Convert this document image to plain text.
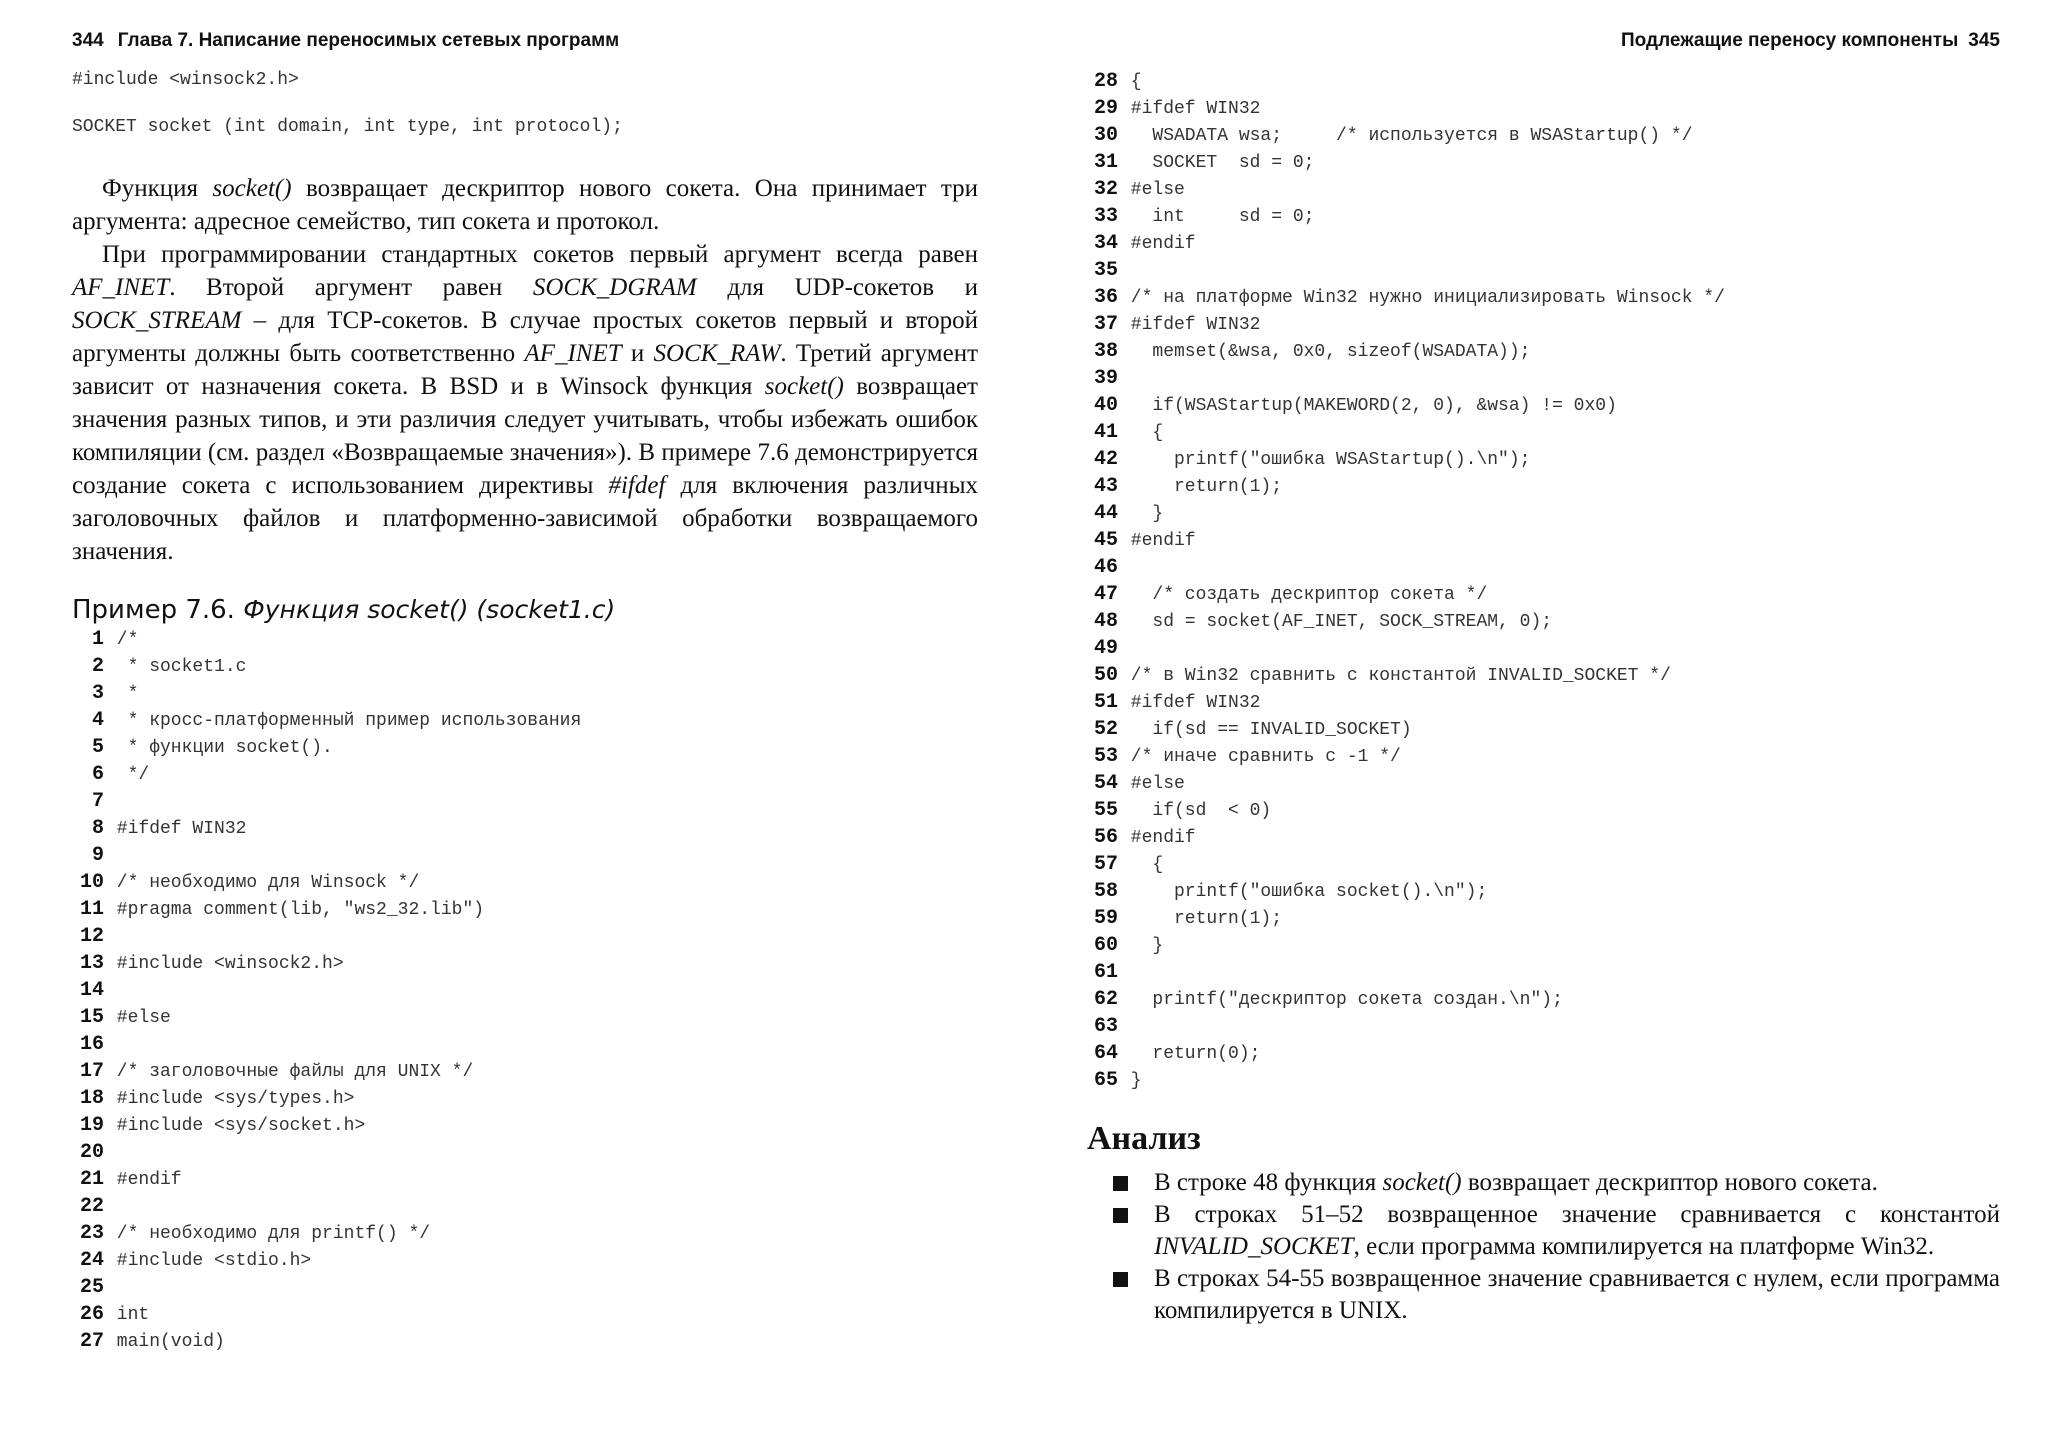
344 Глава 7. Написание переносимых сетевых программ
#include <winsock2.h>
SOCKET socket (int domain, int type, int protocol);

Функция socket() возвращает дескриптор нового сокета. Она принимает три аргумента: адресное семейство, тип сокета и протокол.

При программировании стандартных сокетов первый аргумент всегда равен AF_INET. Второй аргумент равен SOCK_DGRAM для UDP-сокетов и SOCK_STREAM – для TCP-сокетов. В случае простых сокетов первый и второй аргументы должны быть соответственно AF_INET и SOCK_RAW. Третий аргумент зависит от назначения сокета. В BSD и в Winsock функция socket() возвращает значения разных типов, и эти различия следует учитывать, чтобы избежать ошибок компиляции (см. раздел «Возвращаемые значения»). В примере 7.6 демонстрируется создание сокета с использованием директивы #ifdef для включения различных заголовочных файлов и платформенно-зависимой обработки возвращаемого значения.

Пример 7.6. Функция socket() (socket1.c)
1 /*
2 * socket1.c
3 *
4 * кросс-платформенный пример использования
5 * функции socket().
6 */
7

8 #ifdef WIN32
9

10 /* необходимо для Winsock */
11 #pragma comment(lib, "ws2_32.lib")
12

13 #include <winsock2.h>
14

15 #else
16

17 /* заголовочные файлы для UNIX */
18 #include <sys/types.h>
19 #include <sys/socket.h>
20

21 #endif
22

23 /* необходимо для printf() */
24 #include <stdio.h>
25

26 int
27 main(void)
Подлежащие переносу компоненты 345
28 {
29 #ifdef WIN32
30 WSADATA wsa;     /* используется в WSAStartup() */
31 SOCKET  sd = 0;
32 #else
33 int     sd = 0;
34 #endif
35

36 /* на платформе Win32 нужно инициализировать Winsock */
37 #ifdef WIN32
38 memset(&wsa, 0x0, sizeof(WSADATA));
39

40 if(WSAStartup(MAKEWORD(2, 0), &wsa) != 0x0)
41 {
42 printf("ошибка WSAStartup().\n");
43 return(1);
44 }
45 #endif
46

47 /* создать дескриптор сокета */
48 sd = socket(AF_INET, SOCK_STREAM, 0);
49

50 /* в Win32 сравнить с константой INVALID_SOCKET */
51 #ifdef WIN32
52 if(sd == INVALID_SOCKET)
53 /* иначе сравнить с -1 */
54 #else
55 if(sd  < 0)
56 #endif
57 {
58 printf("ошибка socket().\n");
59 return(1);
60 }
61

62 printf("дескриптор сокета создан.\n");
63

64 return(0);
65 }
Анализ
В строке 48 функция socket() возвращает дескриптор нового сокета.
В строках 51–52 возвращенное значение сравнивается с константой INVALID_SOCKET, если программа компилируется на платформе Win32.
В строках 54-55 возвращенное значение сравнивается с нулем, если программа компилируется в UNIX.
